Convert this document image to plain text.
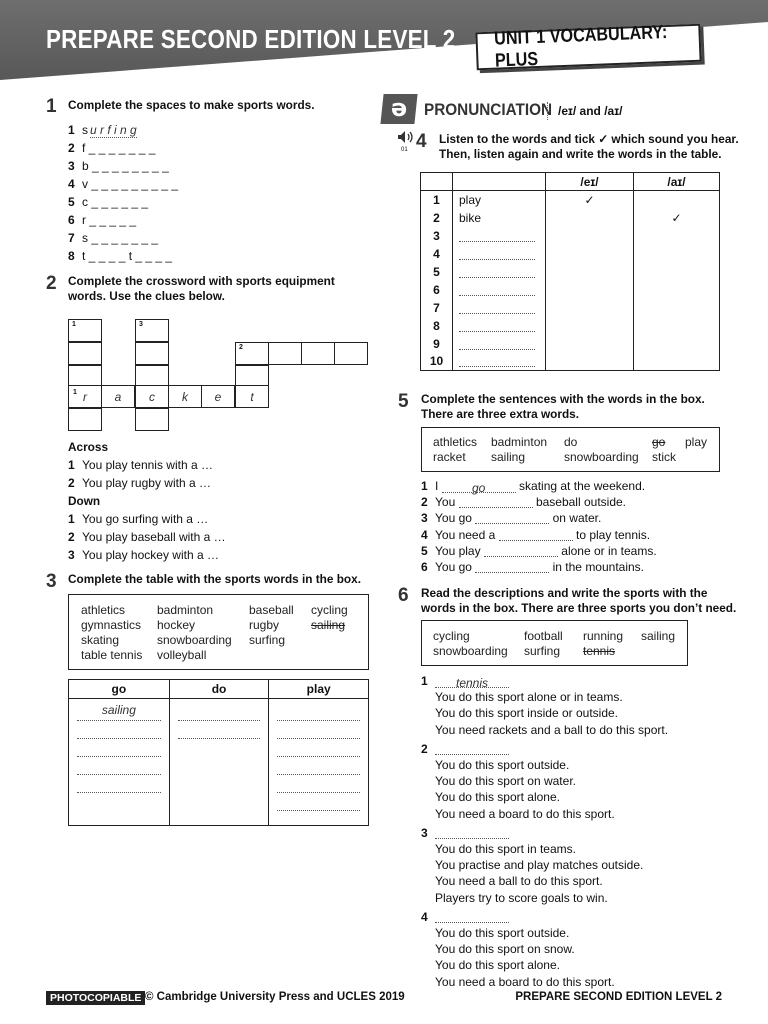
PREPARE SECOND EDITION LEVEL 2 UNIT 1 VOCABULARY: PLUS
1 Complete the spaces to make sports words.
1 s u r f i n g
2 f _ _ _ _ _ _ _
3 b _ _ _ _ _ _ _ _
4 v _ _ _ _ _ _ _ _ _
5 c _ _ _ _ _ _
6 r _ _ _ _ _
7 s _ _ _ _ _ _ _
8 t _ _ _ _ t _ _ _ _
2 Complete the crossword with sports equipment words. Use the clues below.
1	3
2
1 r a c k e t
Across
1 You play tennis with a …
2 You play rugby with a …
Down
1 You go surfing with a …
2 You play baseball with a …
3 You play hockey with a …
3 Complete the table with the sports words in the box.
athletics	badminton	baseball cycling
gymnastics hockey	rugby	sailing
skating	snowboarding surfing
table tennis volleyball
go	do	play

sailing		

ə PRONUNCIATION /eɪ/ and /aɪ/
01 4 Listen to the words and tick ✓ which sound you hear.
Then, listen again and write the words in the table.
		/eɪ/	/aɪ/
1	play	✓	
2	bike		✓
3			
4			
5			
6			
7			
8			
9			
10			
5 Complete the sentences with the words in the box.
There are three extra words.
athletics badminton do	go play
racket sailing	snowboarding stick
1 I	go	skating at the weekend.
2 You	baseball outside.
3 You go	on water.
4 You need a	to play tennis.
5 You play	alone or in teams.
6 You go	in the mountains.
6 Read the descriptions and write the sports with the
words in the box. There are three sports you don’t need.
cycling	football running sailing
snowboarding surfing tennis
1 tennis
You do this sport alone or in teams.
You do this sport inside or outside.
You need rackets and a ball to do this sport.
2
You do this sport outside.
You do this sport on water.
You do this sport alone.
You need a board to do this sport.
3
You do this sport in teams.
You practise and play matches outside.
You need a ball to do this sport.
Players try to score goals to win.
4
You do this sport outside.
You do this sport on snow.
You do this sport alone.
You need a board to do this sport.
PHOTOCOPIABLE © Cambridge University Press and UCLES 2019	PREPARE SECOND EDITION LEVEL 2
